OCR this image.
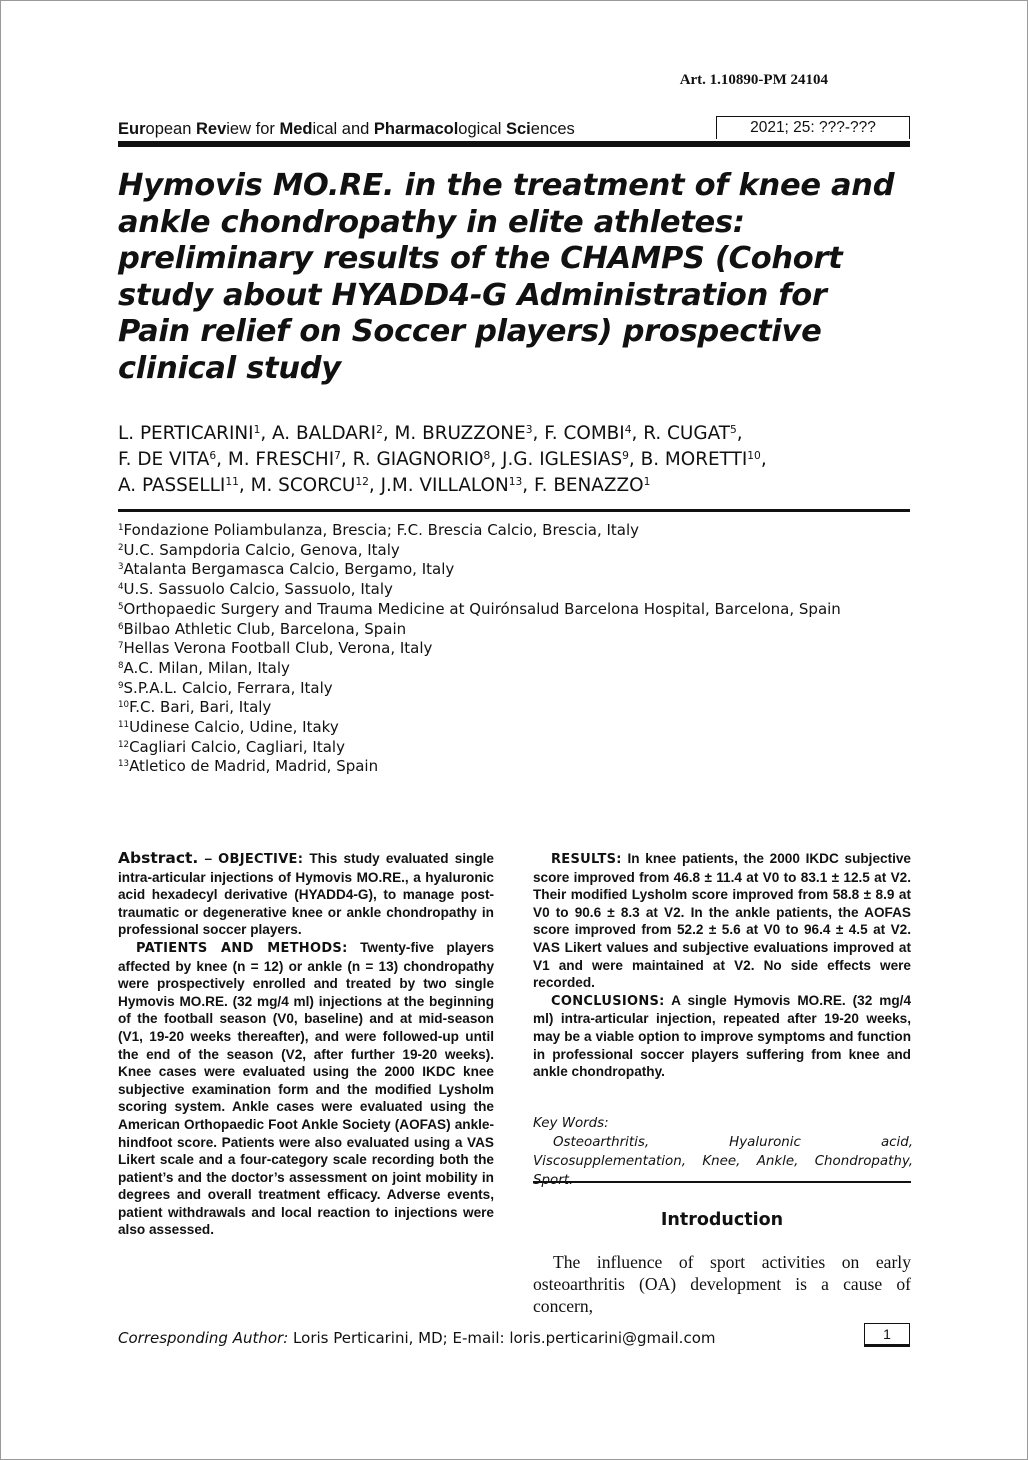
Art. 1.10890-PM 24104
European Review for Medical and Pharmacological Sciences	2021; 25: ???-???
Hymovis MO.RE. in the treatment of knee and ankle chondropathy in elite athletes: preliminary results of the CHAMPS (Cohort study about HYADD4-G Administration for Pain relief on Soccer players) prospective clinical study
L. PERTICARINI$^1$, A. BALDARI$^2$, M. BRUZZONE$^3$, F. COMBI$^4$, R. CUGAT$^5$,
F. DE VITA$^6$, M. FRESCHI$^7$, R. GIAGNORIO$^8$, J.G. IGLESIAS$^9$, B. MORETTI$^{10}$,
A. PASSELLI$^{11}$, M. SCORCU$^{12}$, J.M. VILLALON$^{13}$, F. BENAZZO$^1$
$^1$Fondazione Poliambulanza, Brescia; F.C. Brescia Calcio, Brescia, Italy
$^2$U.C. Sampdoria Calcio, Genova, Italy
$^3$Atalanta Bergamasca Calcio, Bergamo, Italy
$^4$U.S. Sassuolo Calcio, Sassuolo, Italy
$^5$Orthopaedic Surgery and Trauma Medicine at Quirónsalud Barcelona Hospital, Barcelona, Spain
$^6$Bilbao Athletic Club, Barcelona, Spain
$^7$Hellas Verona Football Club, Verona, Italy
$^8$A.C. Milan, Milan, Italy
$^9$S.P.A.L. Calcio, Ferrara, Italy
$^{10}$F.C. Bari, Bari, Italy
$^{11}$Udinese Calcio, Udine, Itaky
$^{12}$Cagliari Calcio, Cagliari, Italy
$^{13}$Atletico de Madrid, Madrid, Spain

Abstract. – OBJECTIVE: This study evaluated single intra-articular injections of Hymovis MO.RE., a hyaluronic acid hexadecyl derivative (HYADD4-G), to manage post-traumatic or degenerative knee or ankle chondropathy in professional soccer players.

PATIENTS AND METHODS: Twenty-five players affected by knee (n = 12) or ankle (n = 13) chondropathy were prospectively enrolled and treated by two single Hymovis MO.RE. (32 mg/4 ml) injections at the beginning of the football season (V0, baseline) and at mid-season (V1, 19-20 weeks thereafter), and were followed-up until the end of the season (V2, after further 19-20 weeks). Knee cases were evaluated using the 2000 IKDC knee subjective examination form and the modified Lysholm scoring system. Ankle cases were evaluated using the American Orthopaedic Foot Ankle Society (AOFAS) ankle-hindfoot score. Patients were also evaluated using a VAS Likert scale and a four-category scale recording both the patient’s and the doctor’s assessment on joint mobility in degrees and overall treatment efficacy. Adverse events, patient withdrawals and local reaction to injections were also assessed.

RESULTS: In knee patients, the 2000 IKDC subjective score improved from 46.8 ± 11.4 at V0 to 83.1 ± 12.5 at V2. Their modified Lysholm score improved from 58.8 ± 8.9 at V0 to 90.6 ± 8.3 at V2. In the ankle patients, the AOFAS score improved from 52.2 ± 5.6 at V0 to 96.4 ± 4.5 at V2. VAS Likert values and subjective evaluations improved at V1 and were maintained at V2. No side effects were recorded.

CONCLUSIONS: A single Hymovis MO.RE. (32 mg/4 ml) intra-articular injection, repeated after 19-20 weeks, may be a viable option to improve symptoms and function in professional soccer players suffering from knee and ankle chondropathy.

Key Words:

Osteoarthritis, Hyaluronic acid, Viscosupplementation, Knee, Ankle, Chondropathy,

Introduction

The influence of sport activities on early osteoarthritis (OA) development is a cause of concern,

Corresponding Author: Loris Perticarini, MD; E-mail: loris.perticarini@gmail.com	1
